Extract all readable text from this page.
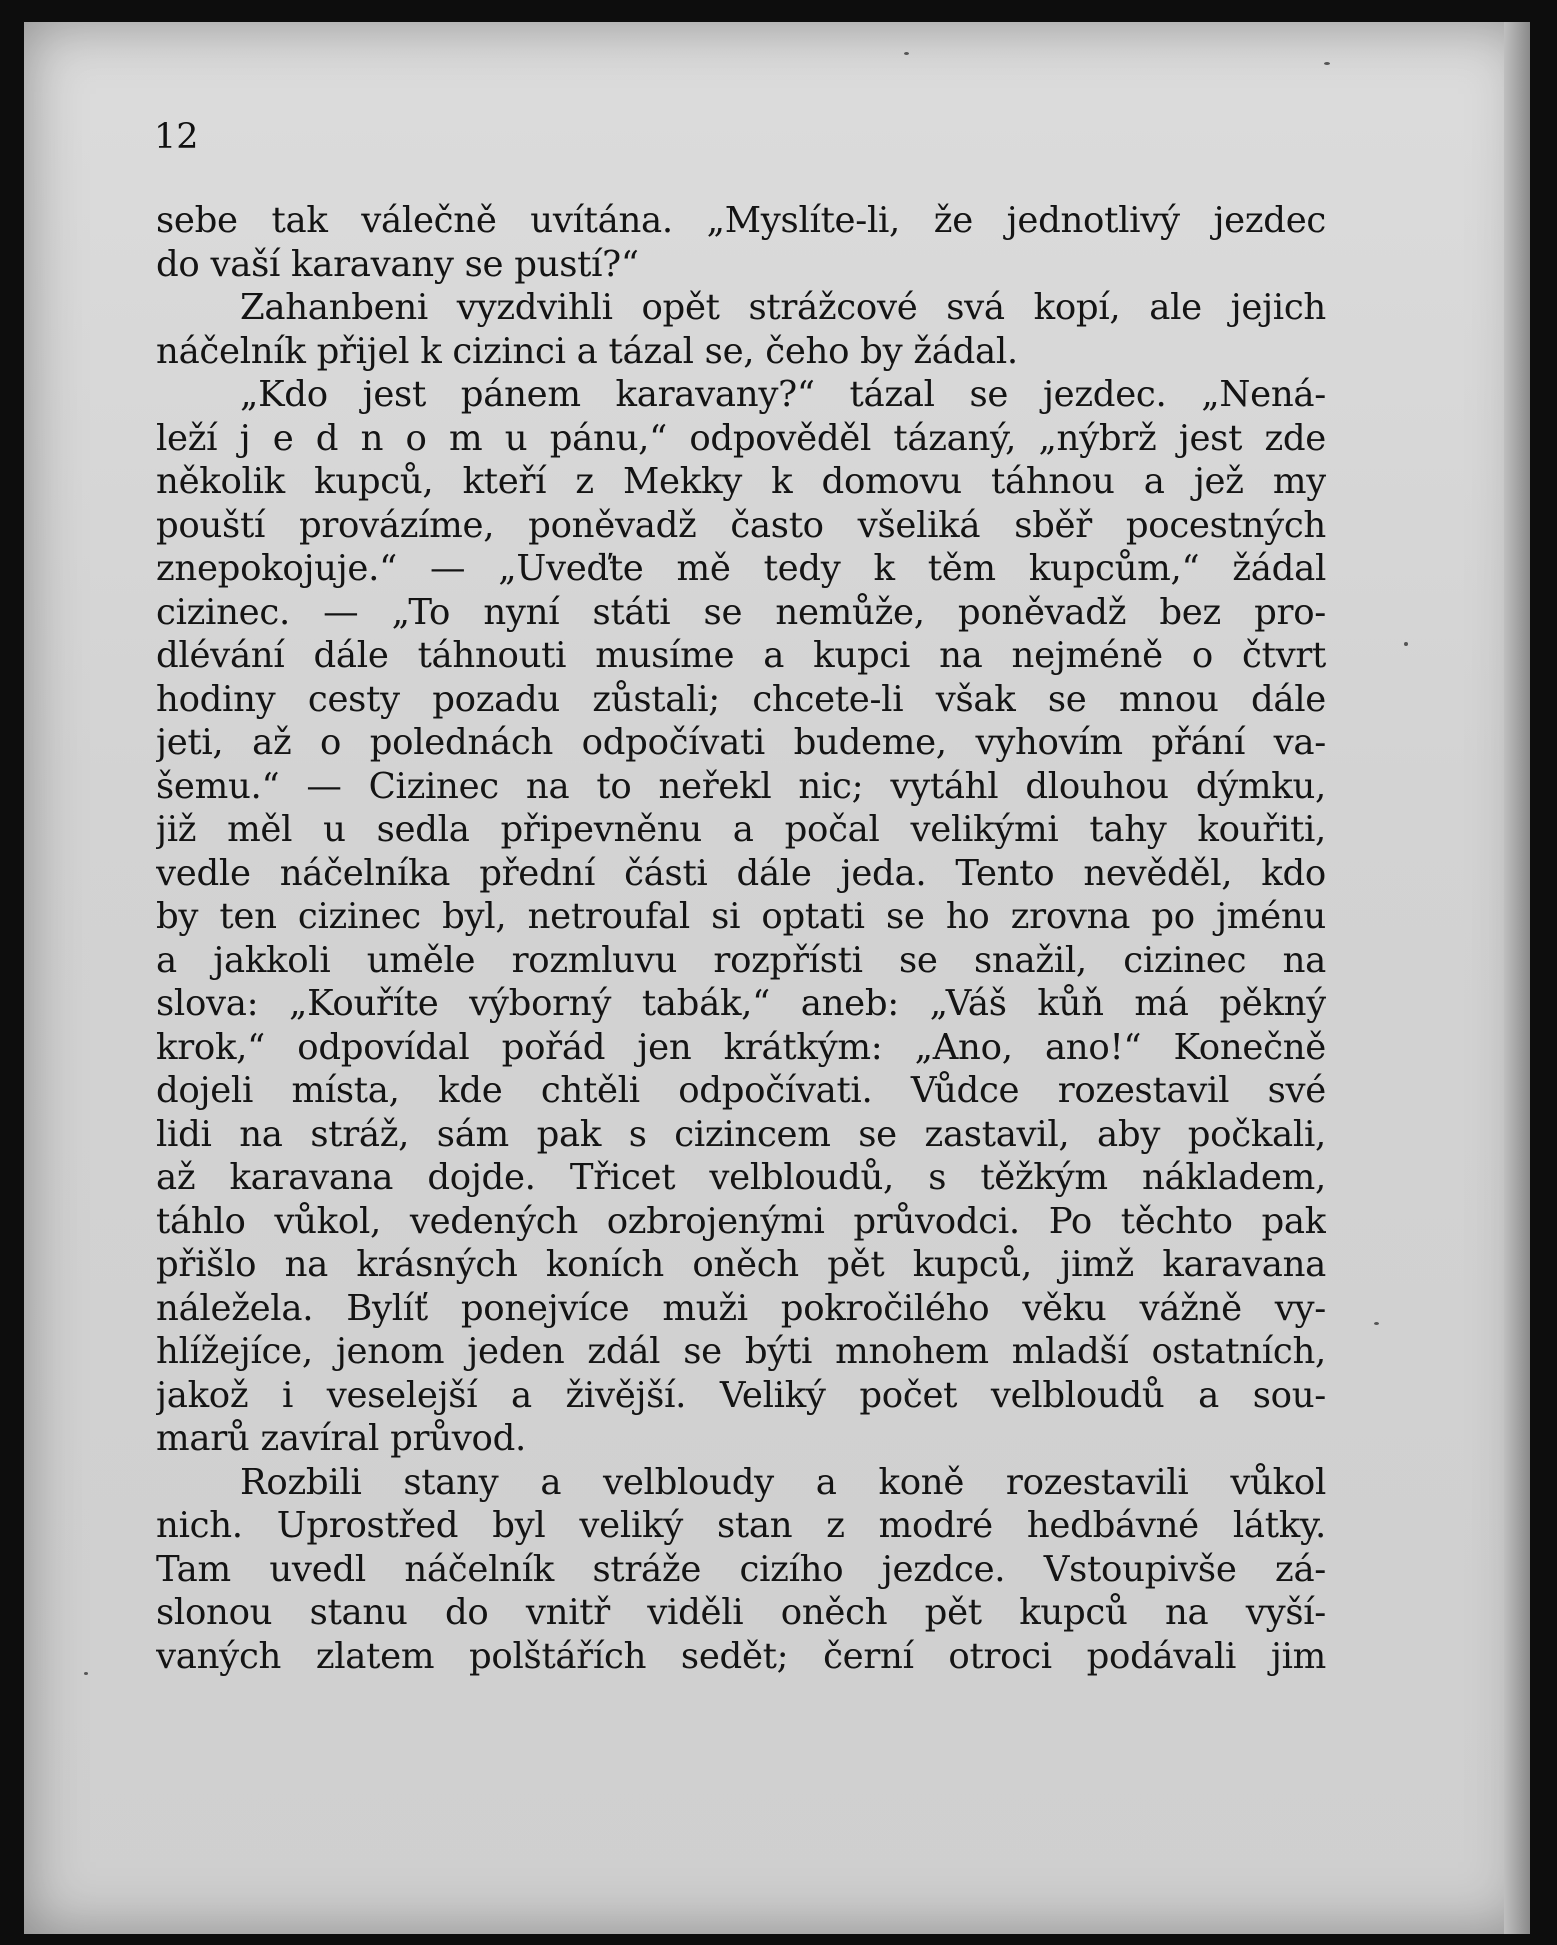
12
sebe tak válečně uvítána. „Myslíte-li, že jednotlivý jezdec
do vaší karavany se pustí?“
Zahanbeni vyzdvihli opět strážcové svá kopí, ale jejich
náčelník přijel k cizinci a tázal se, čeho by žádal.
„Kdo jest pánem karavany?“ tázal se jezdec. „Nená-
leží j e d n o m u pánu,“ odpověděl tázaný, „nýbrž jest zde
několik kupců, kteří z Mekky k domovu táhnou a jež my
pouští provázíme, poněvadž často všeliká sběř pocestných
znepokojuje.“ — „Uveďte mě tedy k těm kupcům,“ žádal
cizinec. — „To nyní státi se nemůže, poněvadž bez pro-
dlévání dále táhnouti musíme a kupci na nejméně o čtvrt
hodiny cesty pozadu zůstali; chcete-li však se mnou dále
jeti, až o polednách odpočívati budeme, vyhovím přání va-
šemu.“ — Cizinec na to neřekl nic; vytáhl dlouhou dýmku,
již měl u sedla připevněnu a počal velikými tahy kouřiti,
vedle náčelníka přední části dále jeda. Tento nevěděl, kdo
by ten cizinec byl, netroufal si optati se ho zrovna po jménu
a jakkoli uměle rozmluvu rozpřísti se snažil, cizinec na
slova: „Kouříte výborný tabák,“ aneb: „Váš kůň má pěkný
krok,“ odpovídal pořád jen krátkým: „Ano, ano!“ Konečně
dojeli místa, kde chtěli odpočívati. Vůdce rozestavil své
lidi na stráž, sám pak s cizincem se zastavil, aby počkali,
až karavana dojde. Třicet velbloudů, s těžkým nákladem,
táhlo vůkol, vedených ozbrojenými průvodci. Po těchto pak
přišlo na krásných koních oněch pět kupců, jimž karavana
náležela. Bylíť ponejvíce muži pokročilého věku vážně vy-
hlížejíce, jenom jeden zdál se býti mnohem mladší ostatních,
jakož i veselejší a živější. Veliký počet velbloudů a sou-
marů zavíral průvod.
Rozbili stany a velbloudy a koně rozestavili vůkol
nich. Uprostřed byl veliký stan z modré hedbávné látky.
Tam uvedl náčelník stráže cizího jezdce. Vstoupivše zá-
slonou stanu do vnitř viděli oněch pět kupců na vyší-
vaných zlatem polštářích sedět; černí otroci podávali jim
